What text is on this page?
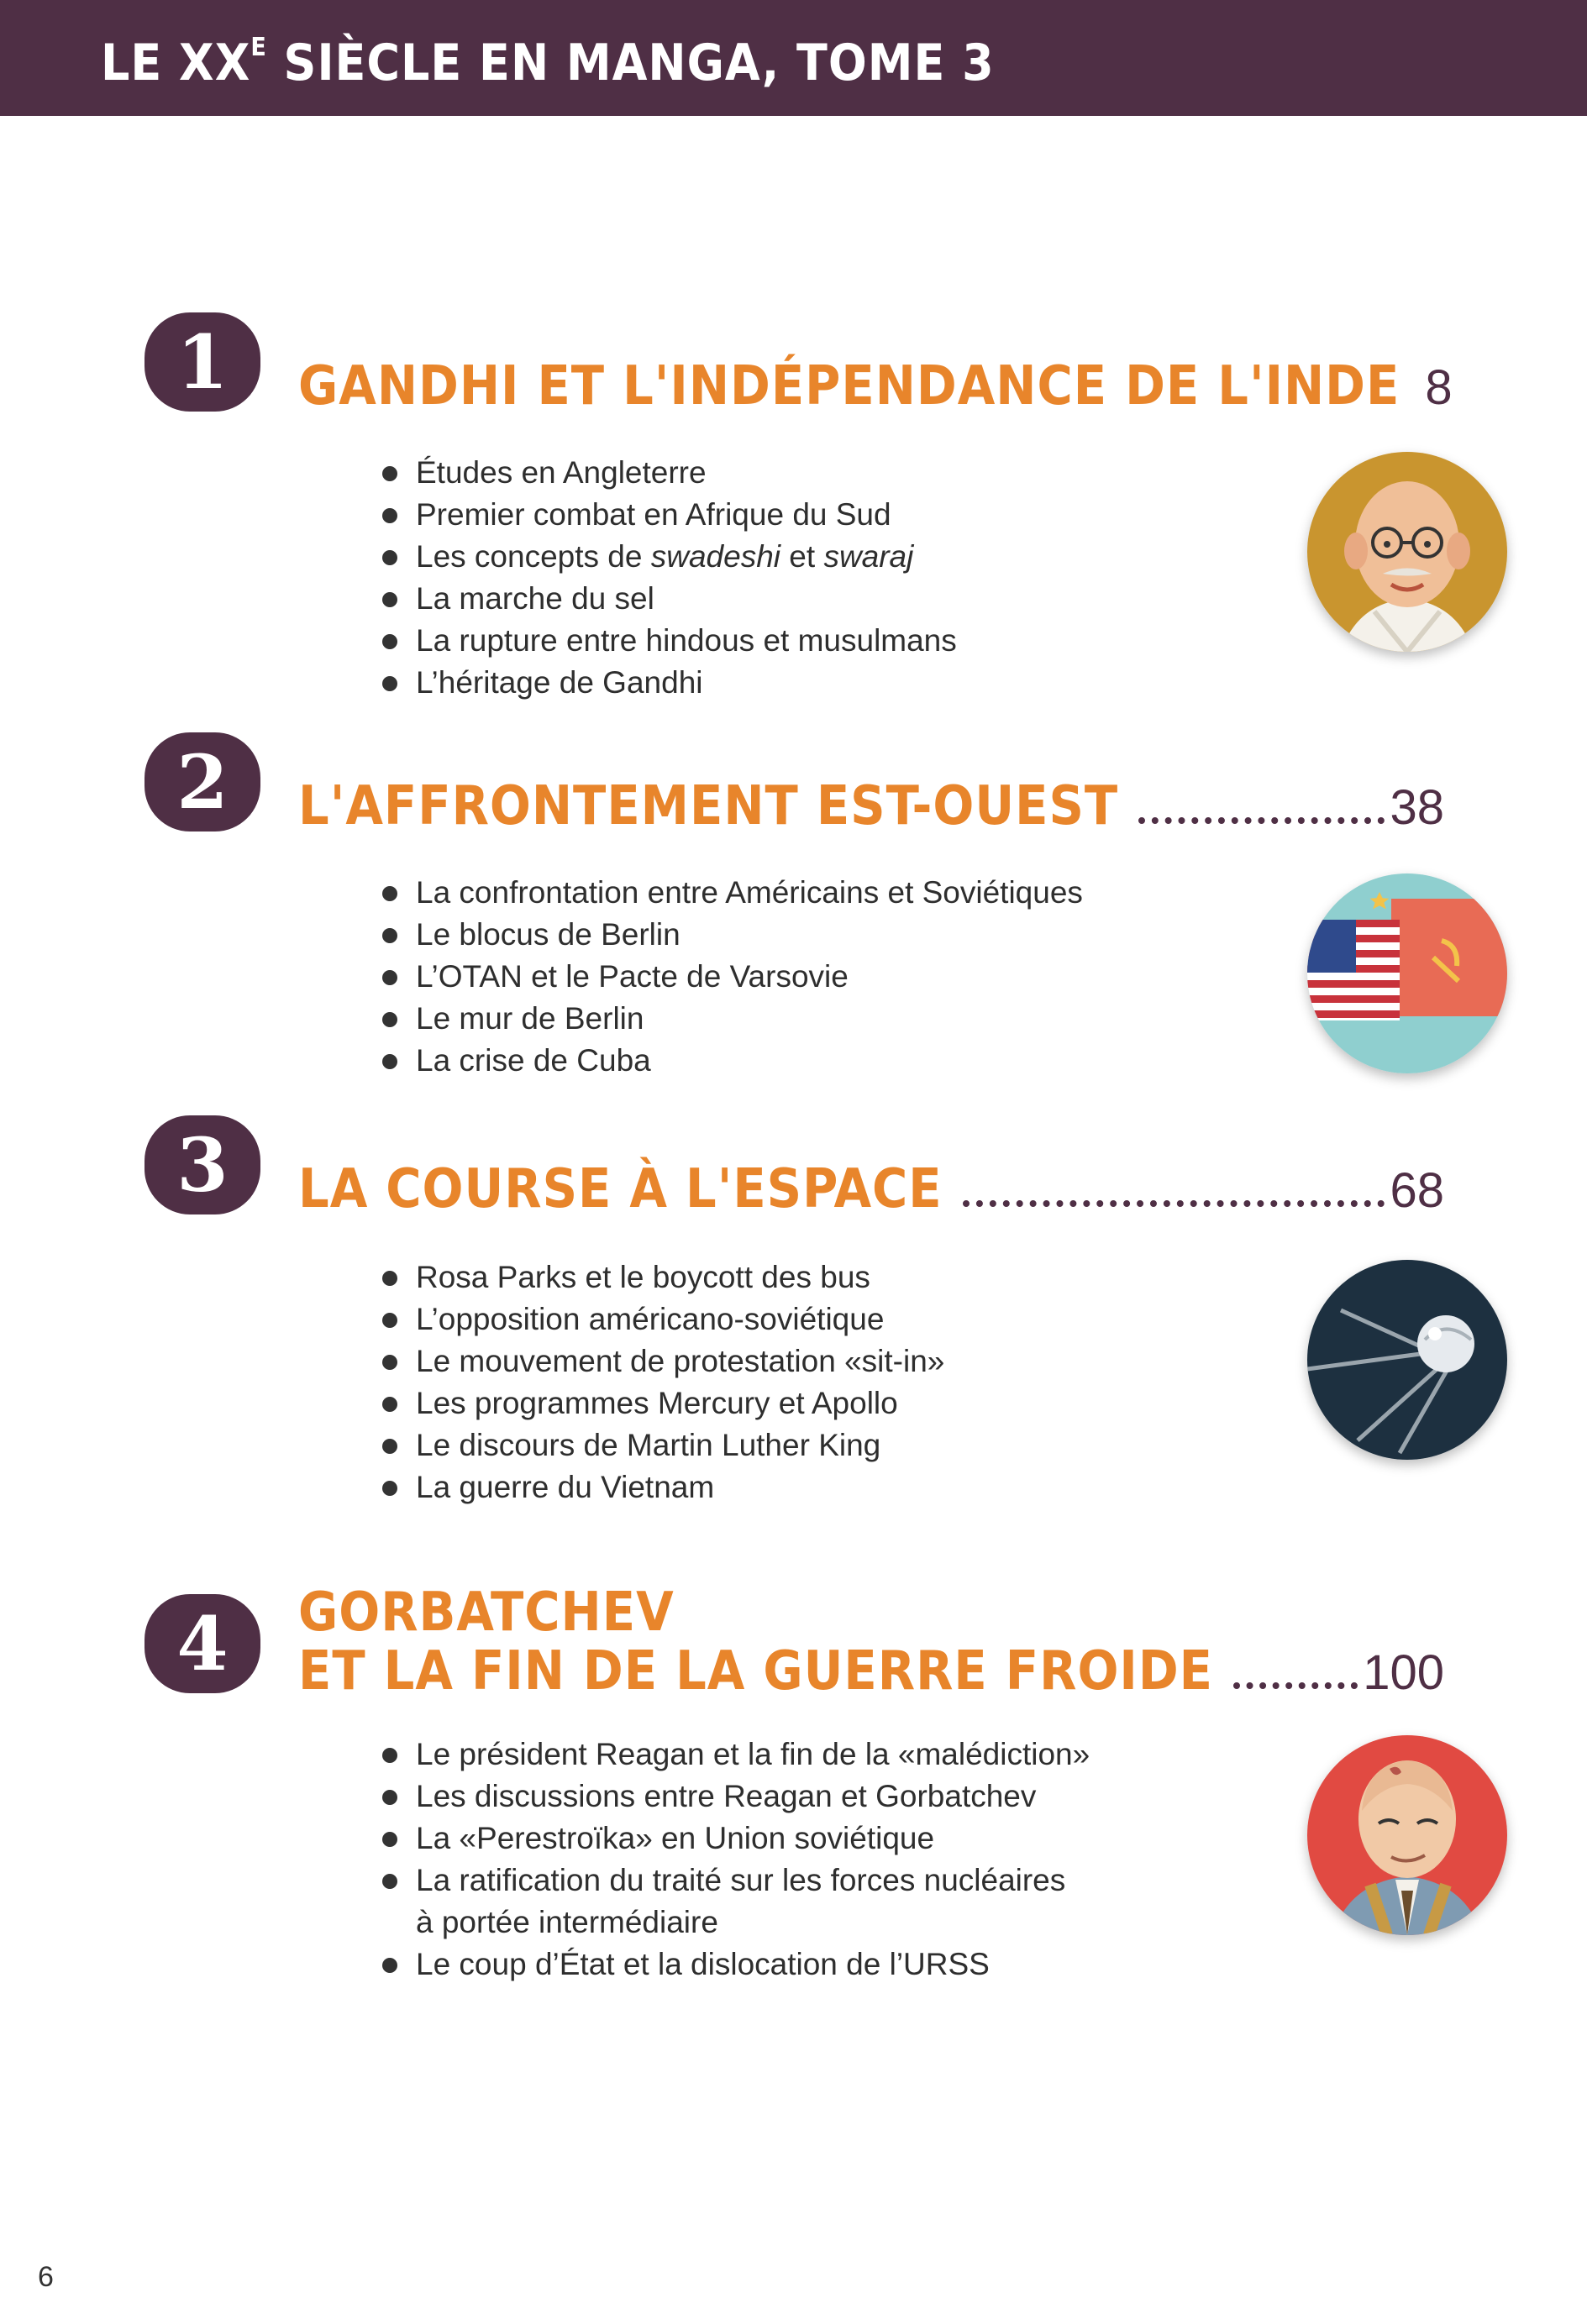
LE $XX^E$ SIÈCLE EN MANGA, TOME 3
1	GANDHI ET L'INDÉPENDANCE DE L'INDE 8
Études en Angleterre
Premier combat en Afrique du Sud
Les concepts de swadeshi et swaraj
La marche du sel
La rupture entre hindous et musulmans
L’héritage de Gandhi
2	L'AFFRONTEMENT EST-OUEST	38
La confrontation entre Américains et Soviétiques
Le blocus de Berlin
L’OTAN et le Pacte de Varsovie
Le mur de Berlin
La crise de Cuba
3	LA COURSE À L'ESPACE	68
Rosa Parks et le boycott des bus
L’opposition américano-soviétique
Le mouvement de protestation «sit-in»
Les programmes Mercury et Apollo
Le discours de Martin Luther King
La guerre du Vietnam
4	GORBATCHEV
ET LA FIN DE LA GUERRE FROIDE	100
Le président Reagan et la fin de la «malédiction»
Les discussions entre Reagan et Gorbatchev
La «Perestroïka» en Union soviétique
La ratification du traité sur les forces nucléaires
à portée intermédiaire
Le coup d’État et la dislocation de l’URSS
6
